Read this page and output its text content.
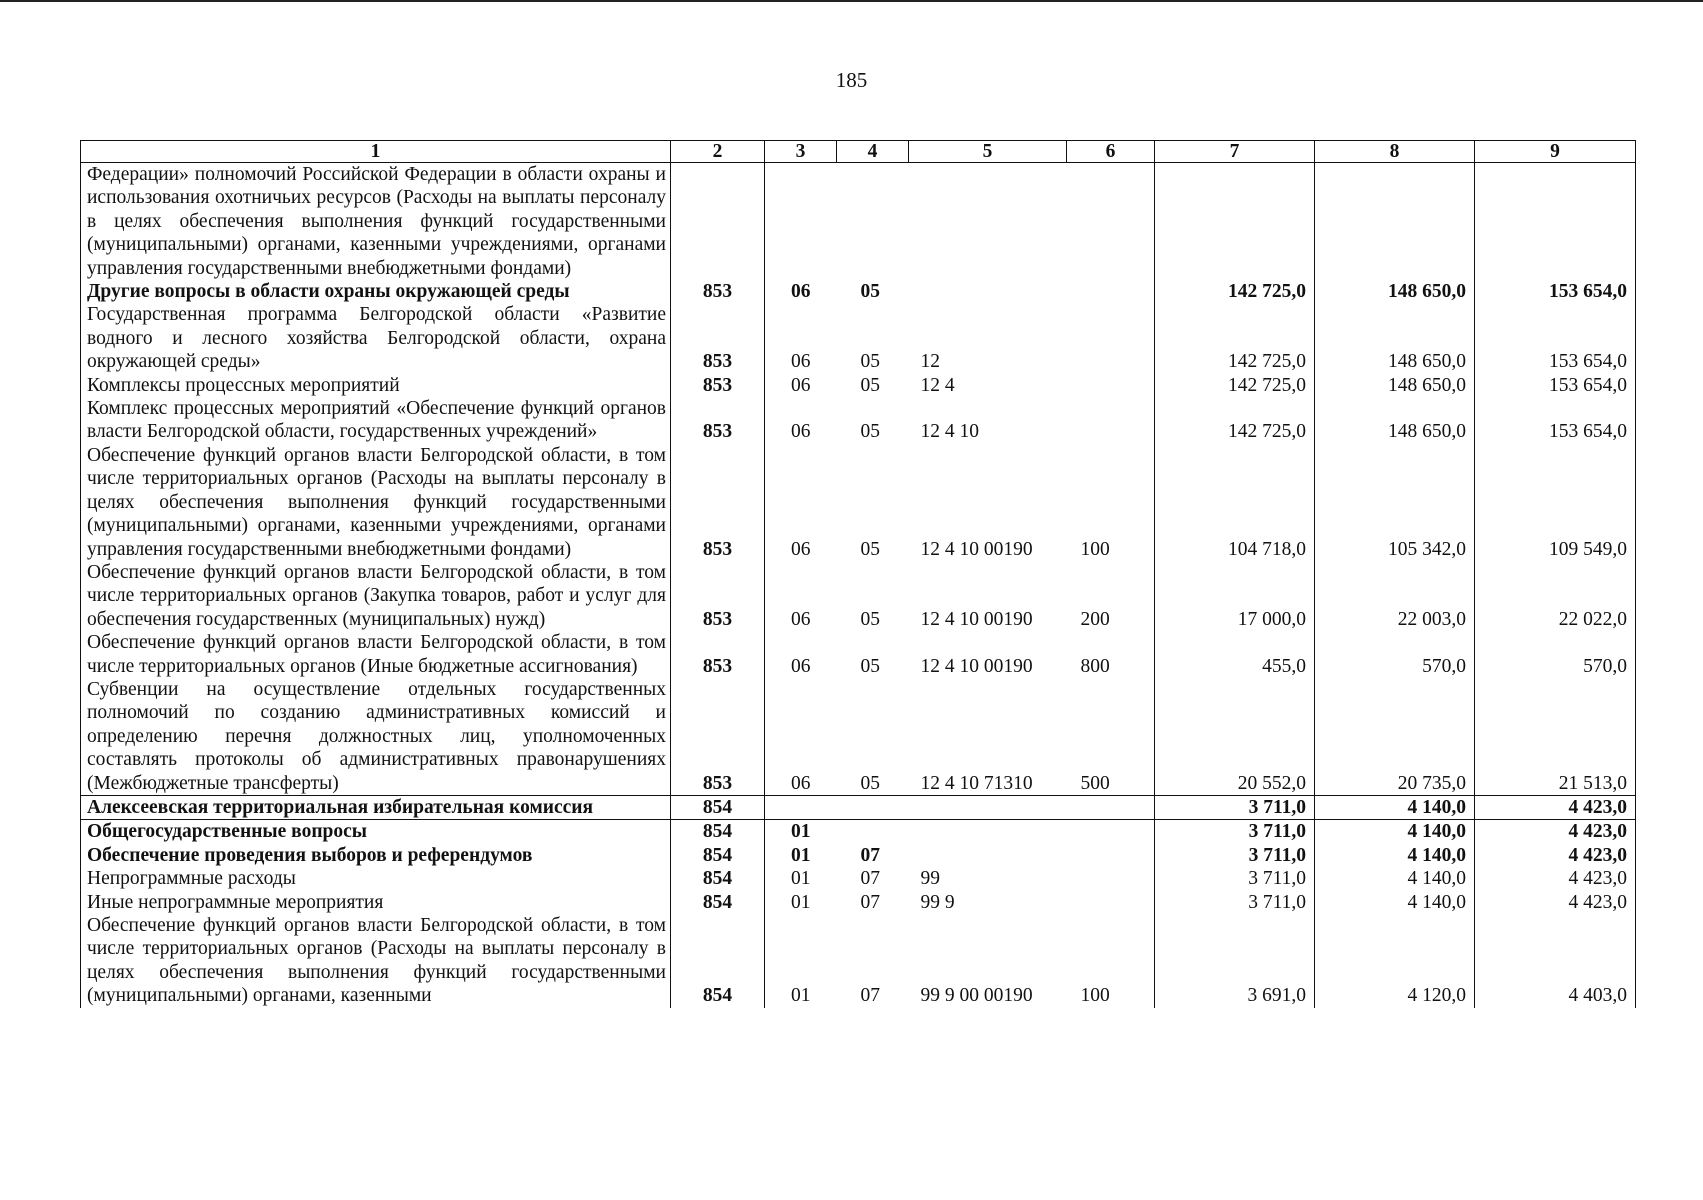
185
1	2	3	4	5	6	7	8	9
Федерации» полномочий Российской Федерации в области охраны и использования охотничьих ресурсов (Расходы на выплаты персоналу в целях обеспечения выполнения функций государственными (муниципальными) органами, казенными учреждениями, органами управления государственными внебюджетными фондами)								
Другие вопросы в области охраны окружающей среды	853	06	05			142 725,0	148 650,0	153 654,0
Государственная программа Белгородской области «Развитие водного и лесного хозяйства Белгородской области, охрана окружающей среды»	853	06	05	12		142 725,0	148 650,0	153 654,0
Комплексы процессных мероприятий	853	06	05	12 4		142 725,0	148 650,0	153 654,0
Комплекс процессных мероприятий «Обеспечение функций органов власти Белгородской области, государственных учреждений»	853	06	05	12 4 10		142 725,0	148 650,0	153 654,0
Обеспечение функций органов власти Белгородской области, в том числе территориальных органов (Расходы на выплаты персоналу в целях обеспечения выполнения функций государственными (муниципальными) органами, казенными учреждениями, органами управления государственными внебюджетными фондами)	853	06	05	12 4 10 00190	100	104 718,0	105 342,0	109 549,0
Обеспечение функций органов власти Белгородской области, в том числе территориальных органов (Закупка товаров, работ и услуг для обеспечения государственных (муниципальных) нужд)	853	06	05	12 4 10 00190	200	17 000,0	22 003,0	22 022,0
Обеспечение функций органов власти Белгородской области, в том числе территориальных органов (Иные бюджетные ассигнования)	853	06	05	12 4 10 00190	800	455,0	570,0	570,0
Субвенции на осуществление отдельных государственных полномочий по созданию административных комиссий и определению перечня должностных лиц, уполномоченных составлять протоколы об административных правонарушениях (Межбюджетные трансферты)	853	06	05	12 4 10 71310	500	20 552,0	20 735,0	21 513,0
Алексеевская территориальная избирательная комиссия	854					3 711,0	4 140,0	4 423,0
Общегосударственные вопросы	854	01				3 711,0	4 140,0	4 423,0
Обеспечение проведения выборов и референдумов	854	01	07			3 711,0	4 140,0	4 423,0
Непрограммные расходы	854	01	07	99		3 711,0	4 140,0	4 423,0
Иные непрограммные мероприятия	854	01	07	99 9		3 711,0	4 140,0	4 423,0
Обеспечение функций органов власти Белгородской области, в том числе территориальных органов (Расходы на выплаты персоналу в целях обеспечения выполнения функций государственными (муниципальными) органами, казенными	854	01	07	99 9 00 00190	100	3 691,0	4 120,0	4 403,0
